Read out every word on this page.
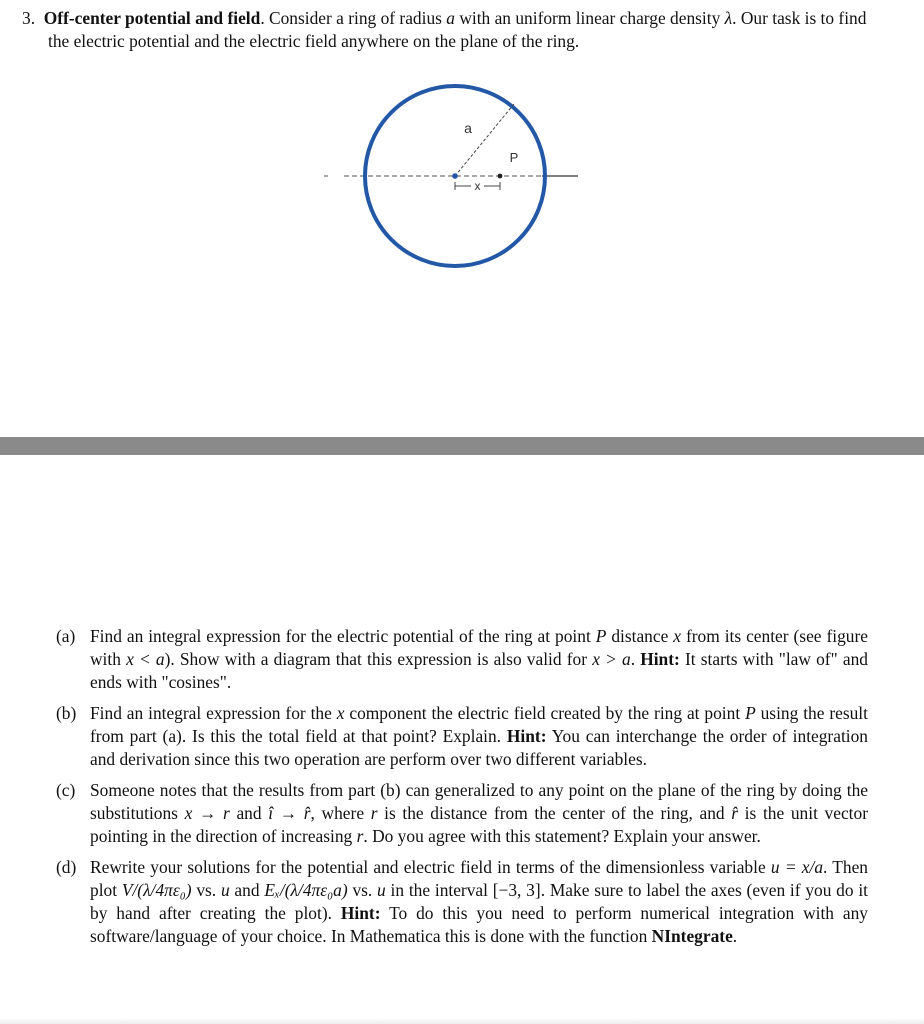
3. Off-center potential and field. Consider a ring of radius a with an uniform linear charge density λ. Our task is to find the electric potential and the electric field anywhere on the plane of the ring.
x
a
P
(a) Find an integral expression for the electric potential of the ring at point P distance x from its center (see figure with x < a). Show with a diagram that this expression is also valid for x > a. Hint: It starts with "law of" and ends with "cosines".
(b) Find an integral expression for the x component the electric field created by the ring at point P using the result from part (a). Is this the total field at that point? Explain. Hint: You can interchange the order of integration and derivation since this two operation are perform over two different variables.
(c) Someone notes that the results from part (b) can generalized to any point on the plane of the ring by doing the substitutions x → r and î → r̂, where r is the distance from the center of the ring, and r̂ is the unit vector pointing in the direction of increasing r. Do you agree with this statement? Explain your answer.
(d) Rewrite your solutions for the potential and electric field in terms of the dimensionless variable u = x/a. Then plot V/(λ/4πε₀) vs. u and Eₓ/(λ/4πε₀a) vs. u in the interval [−3, 3]. Make sure to label the axes (even if you do it by hand after creating the plot). Hint: To do this you need to perform numerical integration with any software/language of your choice. In Mathematica this is done with the function NIntegrate.
